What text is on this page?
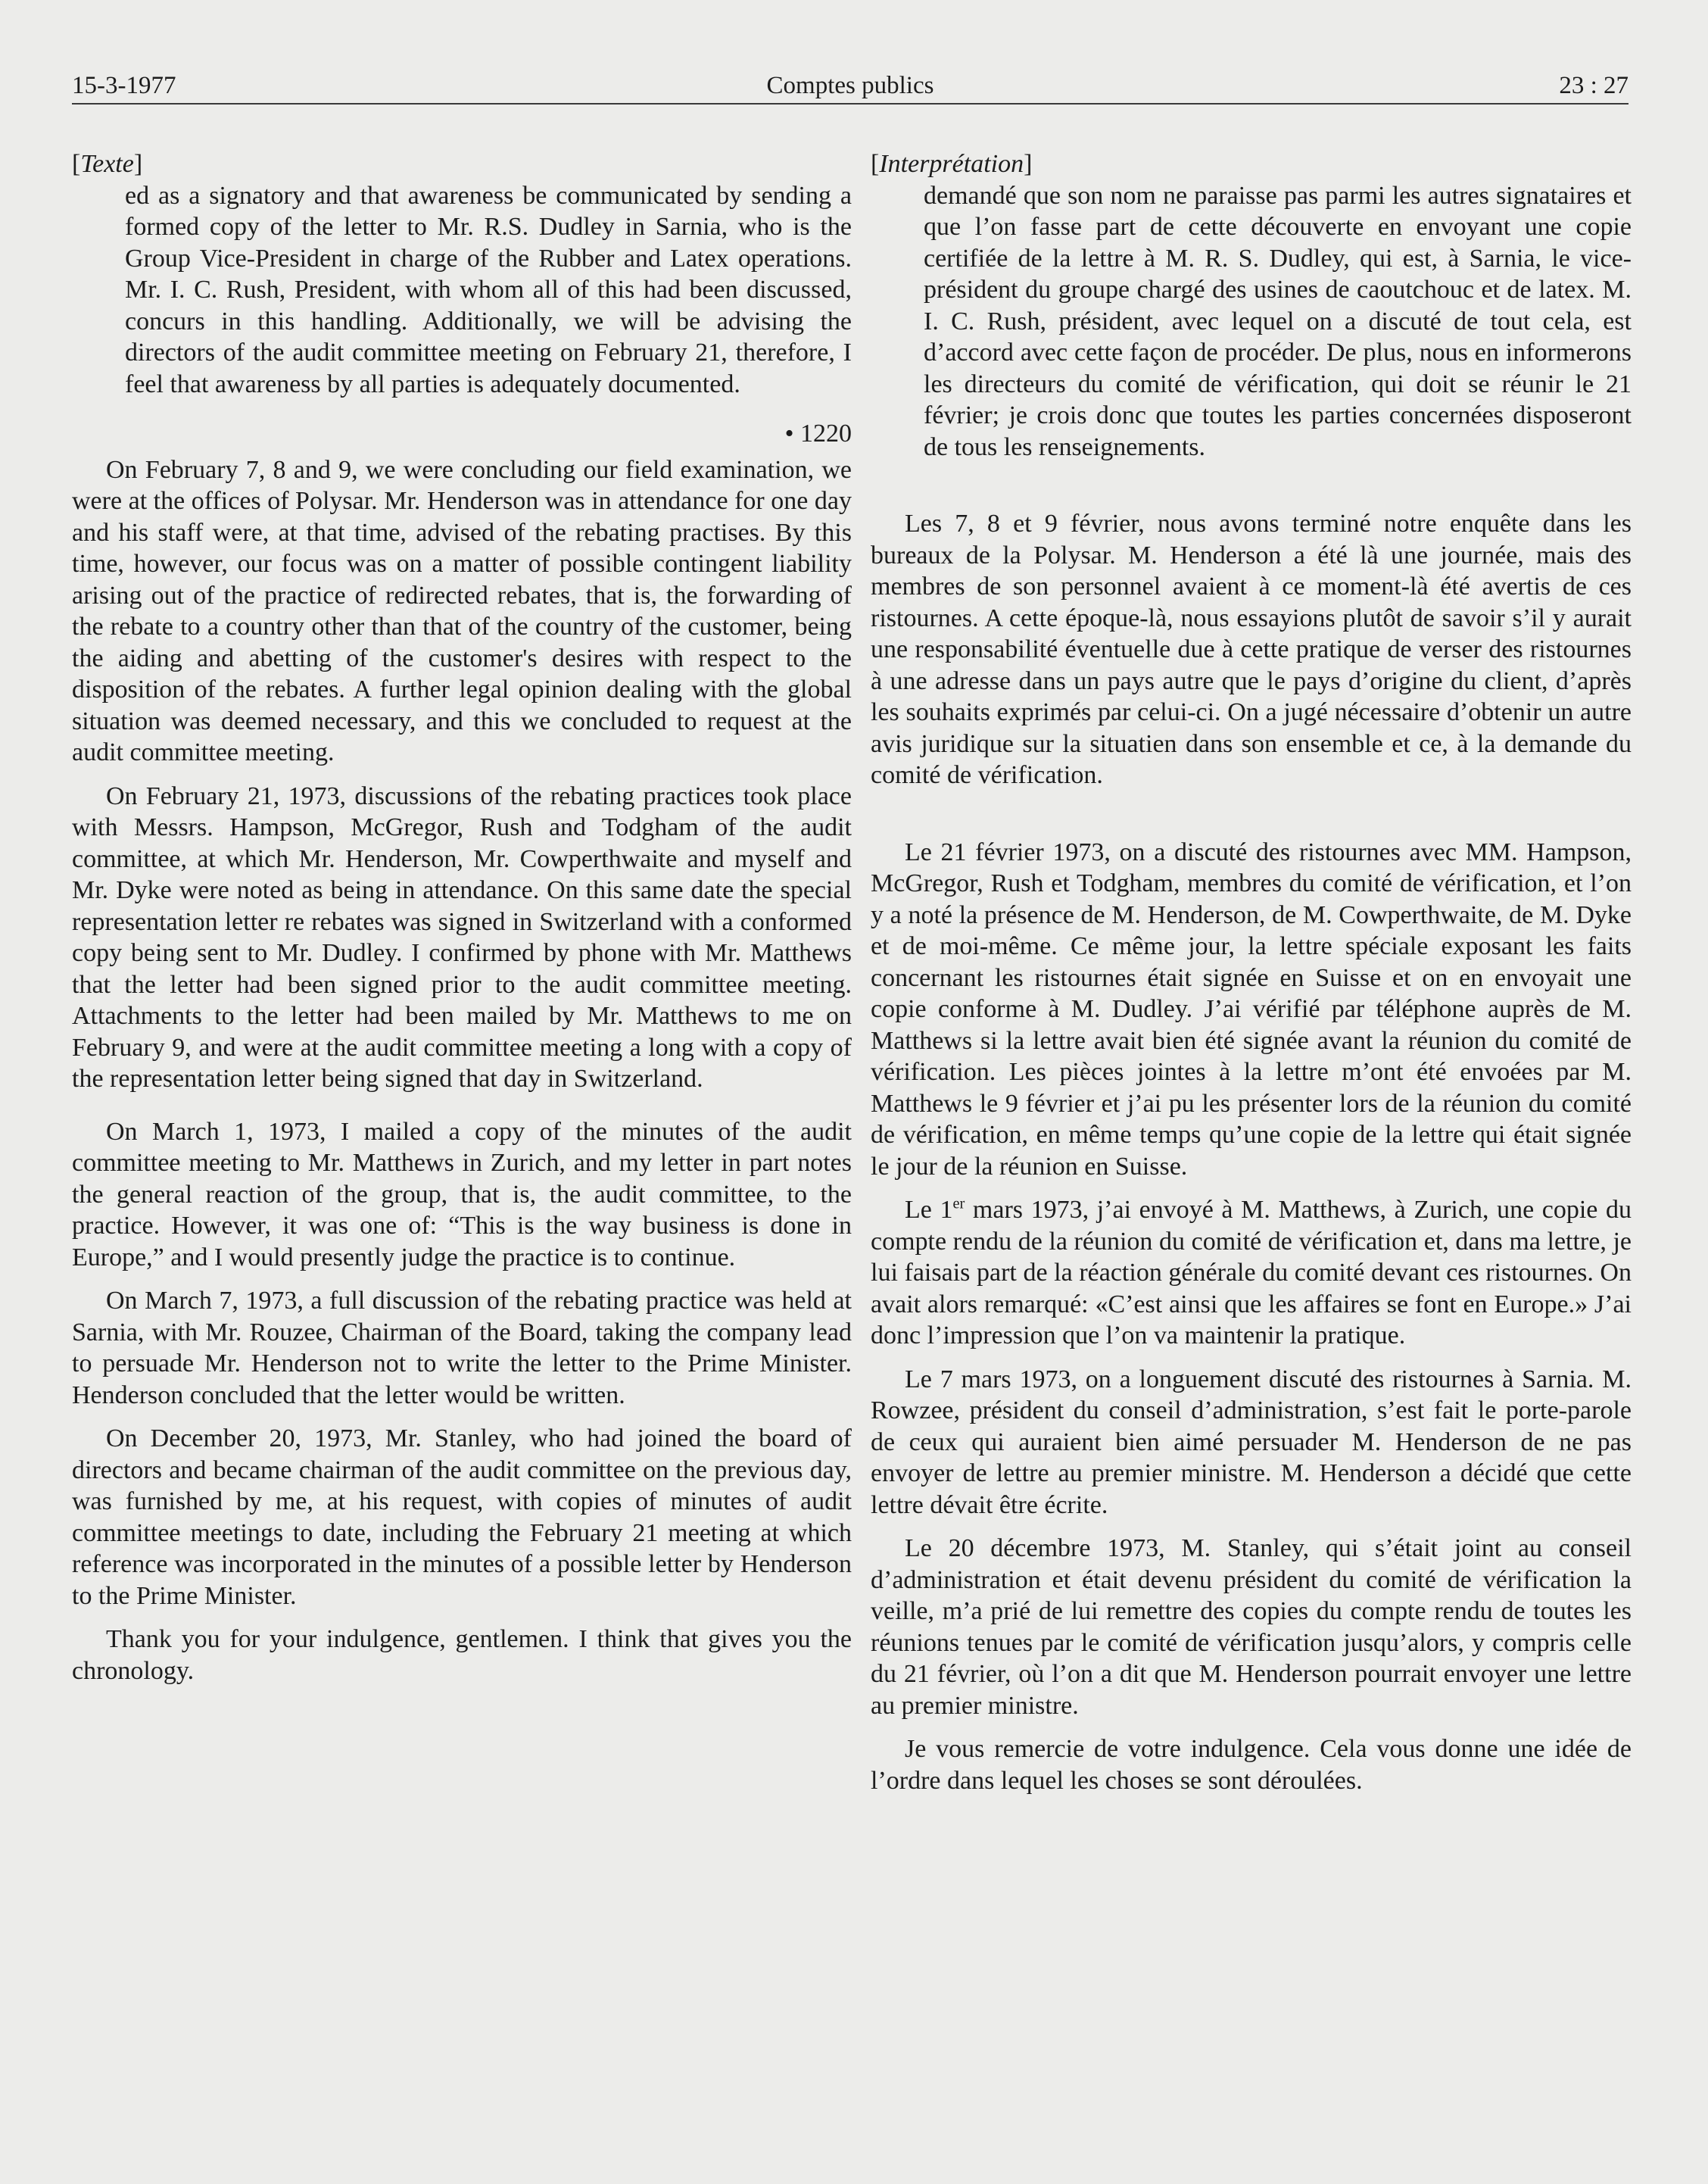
15-3-1977	Comptes publics	23 : 27

[Texte]

ed as a signatory and that awareness be communicated by sending a formed copy of the letter to Mr. R.S. Dudley in Sarnia, who is the Group Vice-President in charge of the Rubber and Latex operations. Mr. I. C. Rush, President, with whom all of this had been discussed, concurs in this handling. Additionally, we will be advising the directors of the audit committee meeting on February 21, therefore, I feel that awareness by all parties is adequately documented.

• 1220

On February 7, 8 and 9, we were concluding our field examination, we were at the offices of Polysar. Mr. Henderson was in attendance for one day and his staff were, at that time, advised of the rebating practises. By this time, however, our focus was on a matter of possible contingent liability arising out of the practice of redirected rebates, that is, the forwarding of the rebate to a country other than that of the country of the customer, being the aiding and abetting of the customer's desires with respect to the disposition of the rebates. A further legal opinion dealing with the global situation was deemed necessary, and this we concluded to request at the audit committee meeting.

On February 21, 1973, discussions of the rebating practices took place with Messrs. Hampson, McGregor, Rush and Todgham of the audit committee, at which Mr. Henderson, Mr. Cowperthwaite and myself and Mr. Dyke were noted as being in attendance. On this same date the special representation letter re rebates was signed in Switzerland with a conformed copy being sent to Mr. Dudley. I confirmed by phone with Mr. Matthews that the letter had been signed prior to the audit committee meeting. Attachments to the letter had been mailed by Mr. Matthews to me on February 9, and were at the audit committee meeting a long with a copy of the representation letter being signed that day in Switzerland.

On March 1, 1973, I mailed a copy of the minutes of the audit committee meeting to Mr. Matthews in Zurich, and my letter in part notes the general reaction of the group, that is, the audit committee, to the practice. However, it was one of: “This is the way business is done in Europe,” and I would presently judge the practice is to continue.

On March 7, 1973, a full discussion of the rebating practice was held at Sarnia, with Mr. Rouzee, Chairman of the Board, taking the company lead to persuade Mr. Henderson not to write the letter to the Prime Minister. Henderson concluded that the letter would be written.

On December 20, 1973, Mr. Stanley, who had joined the board of directors and became chairman of the audit committee on the previous day, was furnished by me, at his request, with copies of minutes of audit committee meetings to date, including the February 21 meeting at which reference was incorporated in the minutes of a possible letter by Henderson to the Prime Minister.

Thank you for your indulgence, gentlemen. I think that gives you the chronology.

[Interprétation]

demandé que son nom ne paraisse pas parmi les autres signataires et que l’on fasse part de cette découverte en envoyant une copie certifiée de la lettre à M. R. S. Dudley, qui est, à Sarnia, le vice-président du groupe chargé des usines de caoutchouc et de latex. M. I. C. Rush, président, avec lequel on a discuté de tout cela, est d’accord avec cette façon de procéder. De plus, nous en informerons les directeurs du comité de vérification, qui doit se réunir le 21 février; je crois donc que toutes les parties concernées disposeront de tous les renseignements.

Les 7, 8 et 9 février, nous avons terminé notre enquête dans les bureaux de la Polysar. M. Henderson a été là une journée, mais des membres de son personnel avaient à ce moment-là été avertis de ces ristournes. A cette époque-là, nous essayions plutôt de savoir s’il y aurait une responsabilité éventuelle due à cette pratique de verser des ristournes à une adresse dans un pays autre que le pays d’origine du client, d’après les souhaits exprimés par celui-ci. On a jugé nécessaire d’obtenir un autre avis juridique sur la situatien dans son ensemble et ce, à la demande du comité de vérification.

Le 21 février 1973, on a discuté des ristournes avec MM. Hampson, McGregor, Rush et Todgham, membres du comité de vérification, et l’on y a noté la présence de M. Henderson, de M. Cowperthwaite, de M. Dyke et de moi-même. Ce même jour, la lettre spéciale exposant les faits concernant les ristournes était signée en Suisse et on en envoyait une copie conforme à M. Dudley. J’ai vérifié par téléphone auprès de M. Matthews si la lettre avait bien été signée avant la réunion du comité de vérification. Les pièces jointes à la lettre m’ont été envoées par M. Matthews le 9 février et j’ai pu les présenter lors de la réunion du comité de vérification, en même temps qu’une copie de la lettre qui était signée le jour de la réunion en Suisse.

Le 1er mars 1973, j’ai envoyé à M. Matthews, à Zurich, une copie du compte rendu de la réunion du comité de vérification et, dans ma lettre, je lui faisais part de la réaction générale du comité devant ces ristournes. On avait alors remarqué: «C’est ainsi que les affaires se font en Europe.» J’ai donc l’impression que l’on va maintenir la pratique.

Le 7 mars 1973, on a longuement discuté des ristournes à Sarnia. M. Rowzee, président du conseil d’administration, s’est fait le porte-parole de ceux qui auraient bien aimé persuader M. Henderson de ne pas envoyer de lettre au premier ministre. M. Henderson a décidé que cette lettre dévait être écrite.

Le 20 décembre 1973, M. Stanley, qui s’était joint au conseil d’administration et était devenu président du comité de vérification la veille, m’a prié de lui remettre des copies du compte rendu de toutes les réunions tenues par le comité de vérification jusqu’alors, y compris celle du 21 février, où l’on a dit que M. Henderson pourrait envoyer une lettre au premier ministre.

Je vous remercie de votre indulgence. Cela vous donne une idée de l’ordre dans lequel les choses se sont déroulées.
